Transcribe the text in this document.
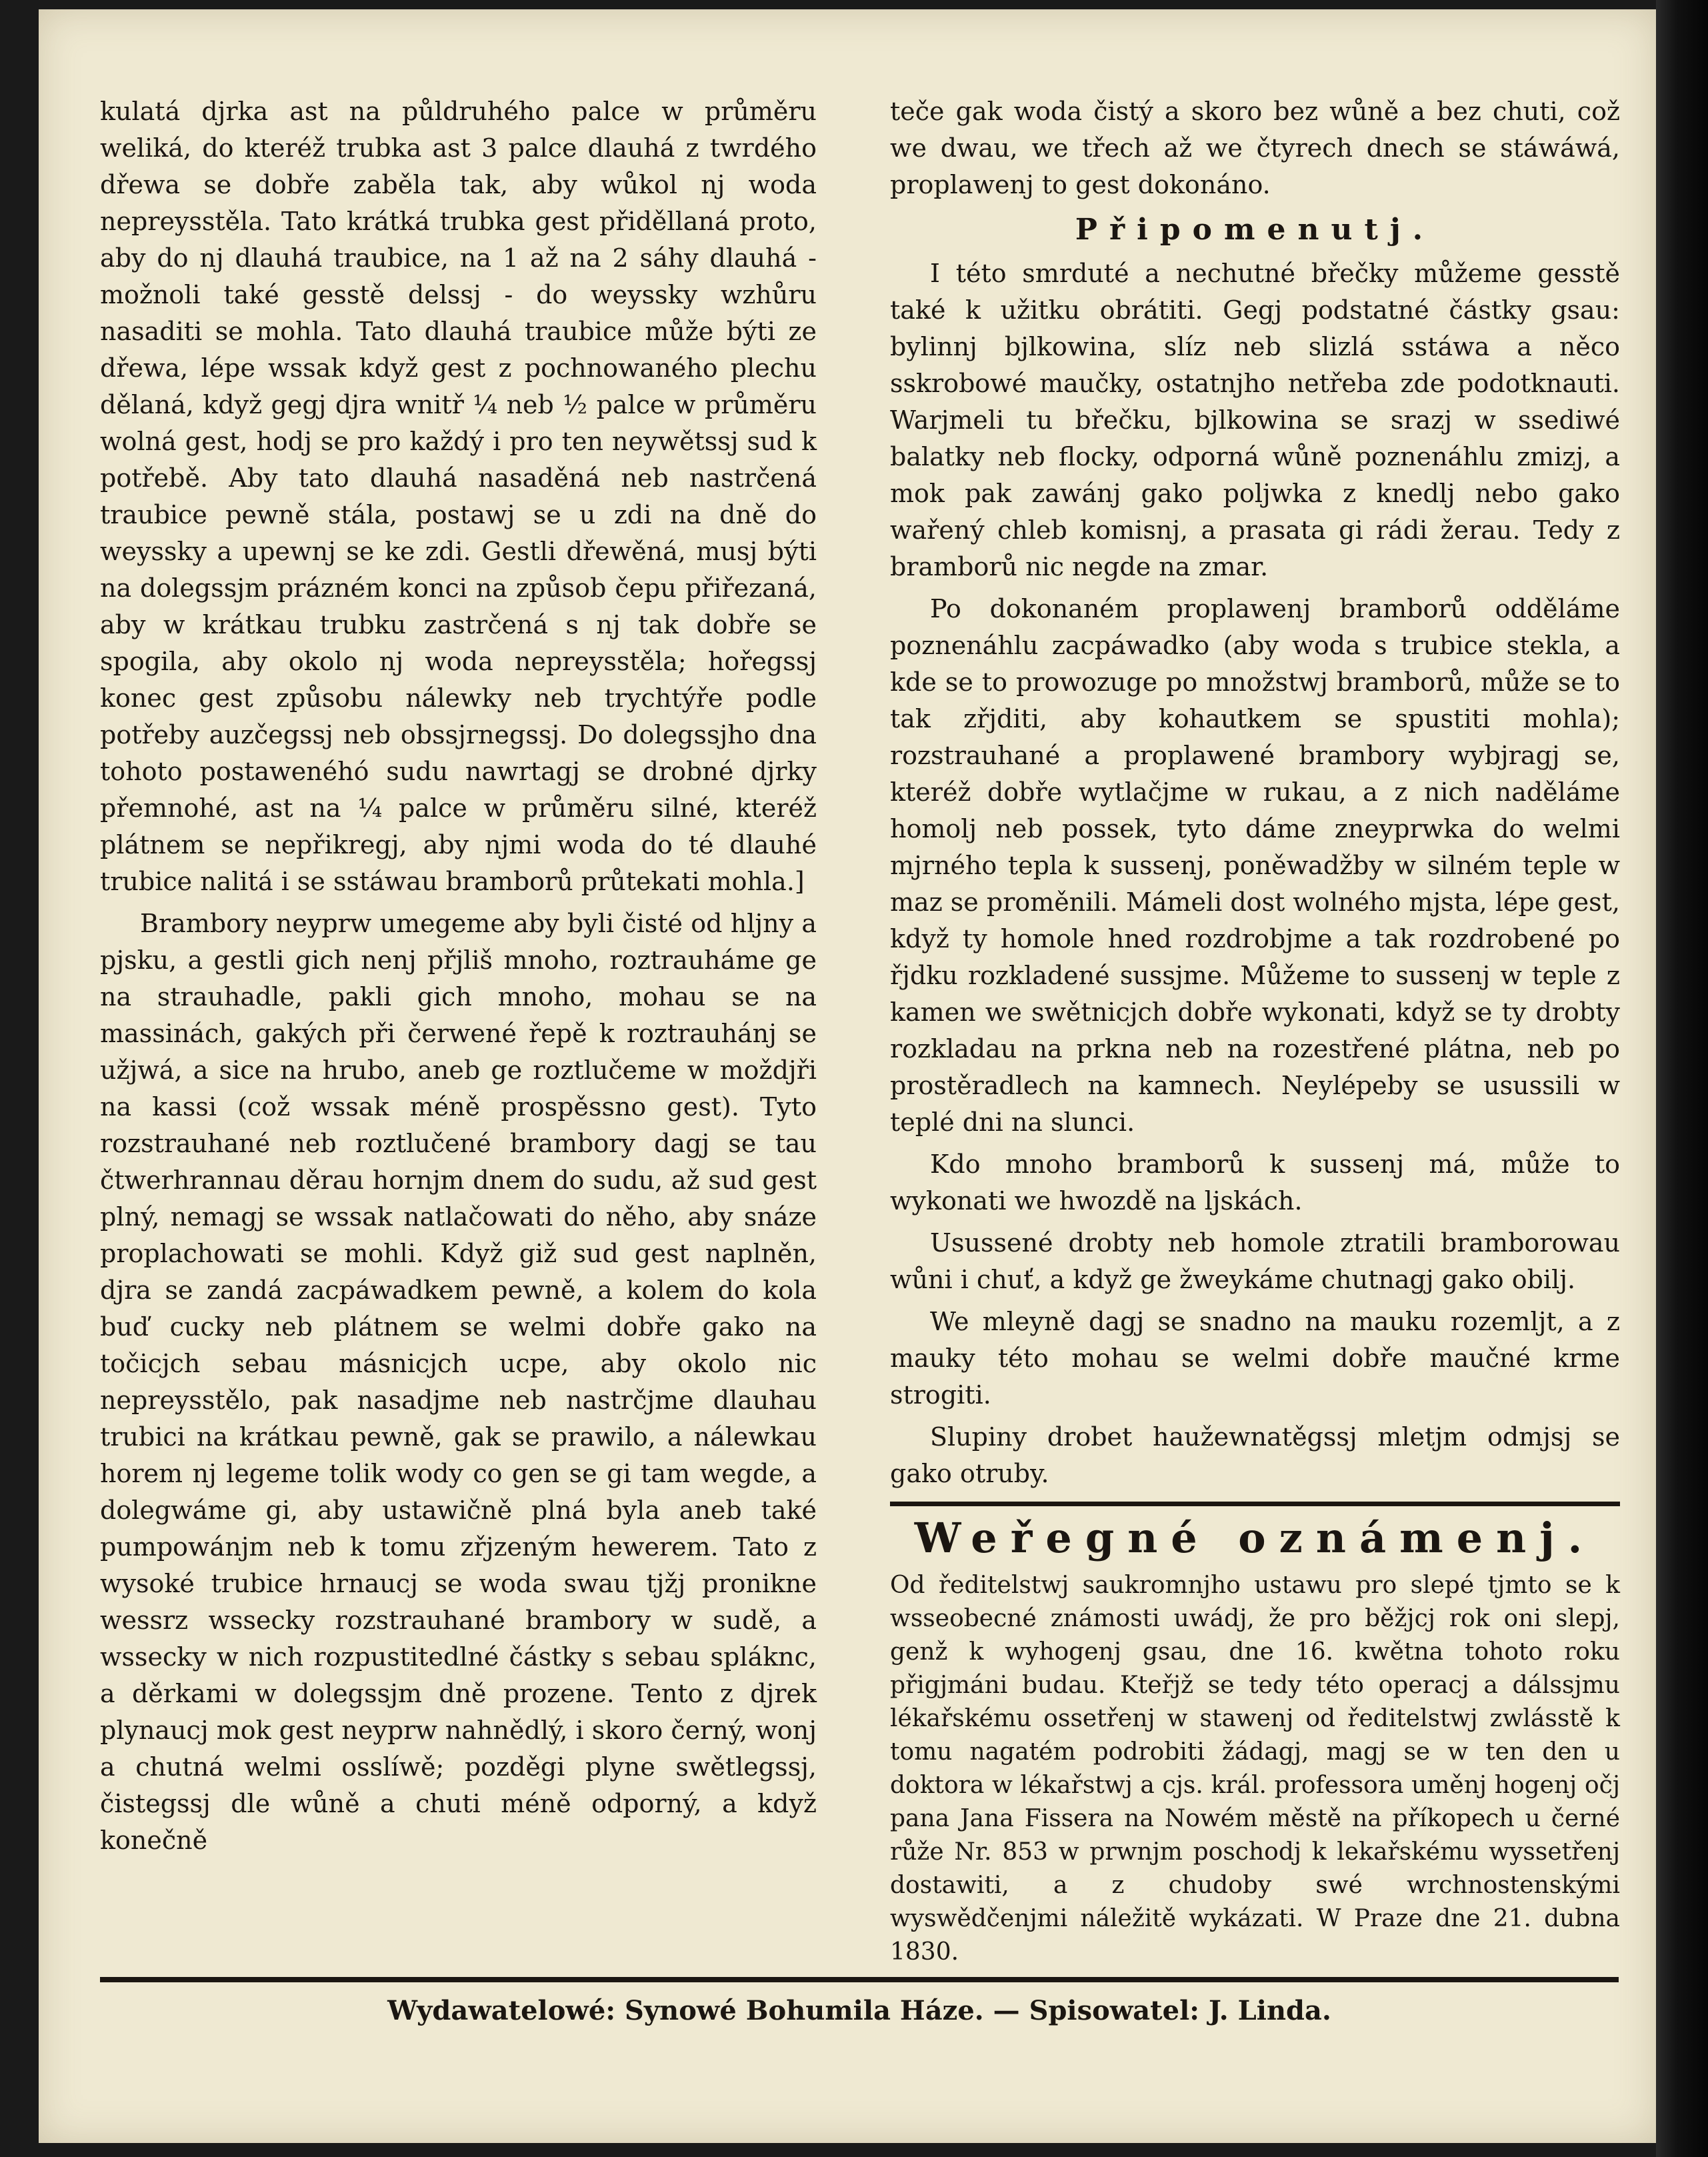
kulatá djrka ast na půldruhého palce w průměru weliká, do kteréž trubka ast 3 palce dlauhá z twrdého dřewa se dobře zaběla tak, aby wůkol nj woda nepreysstěla. Tato krátká trubka gest přiděllaná proto, aby do nj dlauhá traubice, na 1 až na 2 sáhy dlauhá - možnoli také gesstě delssj - do weyssky wzhůru nasaditi se mohla. Tato dlauhá traubice může býti ze dřewa, lépe wssak když gest z pochnowaného plechu dělaná, když gegj djra wnitř ¼ neb ½ palce w průměru wolná gest, hodj se pro každý i pro ten neywětssj sud k potřebě. Aby tato dlauhá nasaděná neb nastrčená traubice pewně stála, postawj se u zdi na dně do weyssky a upewnj se ke zdi. Gestli dřewěná, musj býti na dolegssjm prázném konci na způsob čepu přiřezaná, aby w krátkau trubku zastrčená s nj tak dobře se spogila, aby okolo nj woda nepreysstěla; hořegssj konec gest způsobu nálewky neb trychtýře podle potřeby auzčegssj neb obssjrnegssj. Do dolegssjho dna tohoto postawenéhó sudu nawrtagj se drobné djrky přemnohé, ast na ¼ palce w průměru silné, kteréž plátnem se nepřikregj, aby njmi woda do té dlauhé trubice nalitá i se sstáwau bramborů průtekati mohla.]

Brambory neyprw umegeme aby byli čisté od hljny a pjsku, a gestli gich nenj přjliš mnoho, roztrauháme ge na strauhadle, pakli gich mnoho, mohau se na massinách, gakých při čerwené řepě k roztrauhánj se užjwá, a sice na hrubo, aneb ge roztlučeme w moždjři na kassi (což wssak méně prospěssno gest). Tyto rozstrauhané neb roztlučené brambory dagj se tau čtwerhrannau děrau hornjm dnem do sudu, až sud gest plný, nemagj se wssak natlačowati do něho, aby snáze proplachowati se mohli. Když giž sud gest naplněn, djra se zandá zacpáwadkem pewně, a kolem do kola buď cucky neb plátnem se welmi dobře gako na točicjch sebau másnicjch ucpe, aby okolo nic nepreysstělo, pak nasadjme neb nastrčjme dlauhau trubici na krátkau pewně, gak se prawilo, a nálewkau horem nj legeme tolik wody co gen se gi tam wegde, a dolegwáme gi, aby ustawičně plná byla aneb také pumpowánjm neb k tomu zřjzeným hewerem. Tato z wysoké trubice hrnaucj se woda swau tjžj pronikne wessrz wssecky rozstrauhané brambory w sudě, a wssecky w nich rozpustitedlné částky s sebau spláknc, a děrkami w dolegssjm dně prozene. Tento z djrek plynaucj mok gest neyprw nahnědlý, i skoro černý, wonj a chutná welmi osslíwě; pozděgi plyne swětlegssj, čistegssj dle wůně a chuti méně odporný, a když konečně

teče gak woda čistý a skoro bez wůně a bez chuti, což we dwau, we třech až we čtyrech dnech se stáwáwá, proplawenj to gest dokonáno.

Připomenutj.

I této smrduté a nechutné břečky můžeme gesstě také k užitku obrátiti. Gegj podstatné částky gsau: bylinnj bjlkowina, slíz neb slizlá sstáwa a něco sskrobowé maučky, ostatnjho netřeba zde podotknauti. Warjmeli tu břečku, bjlkowina se srazj w ssediwé balatky neb flocky, odporná wůně poznenáhlu zmizj, a mok pak zawánj gako poljwka z knedlj nebo gako wařený chleb komisnj, a prasata gi rádi žerau. Tedy z bramborů nic negde na zmar.

Po dokonaném proplawenj bramborů odděláme poznenáhlu zacpáwadko (aby woda s trubice stekla, a kde se to prowozuge po množstwj bramborů, může se to tak zřjditi, aby kohautkem se spustiti mohla); rozstrauhané a proplawené brambory wybjragj se, kteréž dobře wytlačjme w rukau, a z nich naděláme homolj neb possek, tyto dáme zneyprwka do welmi mjrného tepla k sussenj, poněwadžby w silném teple w maz se proměnili. Mámeli dost wolného mjsta, lépe gest, když ty homole hned rozdrobjme a tak rozdrobené po řjdku rozkladené sussjme. Můžeme to sussenj w teple z kamen we swětnicjch dobře wykonati, když se ty drobty rozkladau na prkna neb na rozestřené plátna, neb po prostěradlech na kamnech. Neylépeby se usussili w teplé dni na slunci.

Kdo mnoho bramborů k sussenj má, může to wykonati we hwozdě na ljskách.

Usussené drobty neb homole ztratili bramborowau wůni i chuť, a když ge žweykáme chutnagj gako obilj.

We mleyně dagj se snadno na mauku rozemljt, a z mauky této mohau se welmi dobře maučné krme strogiti.

Slupiny drobet haužewnatěgssj mletjm odmjsj se gako otruby.

Weřegné oznámenj.

Od ředitelstwj saukromnjho ustawu pro slepé tjmto se k wsseobecné známosti uwádj, že pro běžjcj rok oni slepj, genž k wyhogenj gsau, dne 16. kwětna tohoto roku přigjmáni budau. Kteřjž se tedy této operacj a dálssjmu lékařskému ossetřenj w stawenj od ředitelstwj zwlásstě k tomu nagatém podrobiti žádagj, magj se w ten den u doktora w lékařstwj a cjs. král. professora uměnj hogenj očj pana Jana Fissera na Nowém městě na příkopech u černé růže Nr. 853 w prwnjm poschodj k lekařskému wyssetřenj dostawiti, a z chudoby swé wrchnostenskými wyswědčenjmi náležitě wykázati. W Praze dne 21. dubna 1830.

Wydawatelowé: Synowé Bohumila Háze. — Spisowatel: J. Linda.
